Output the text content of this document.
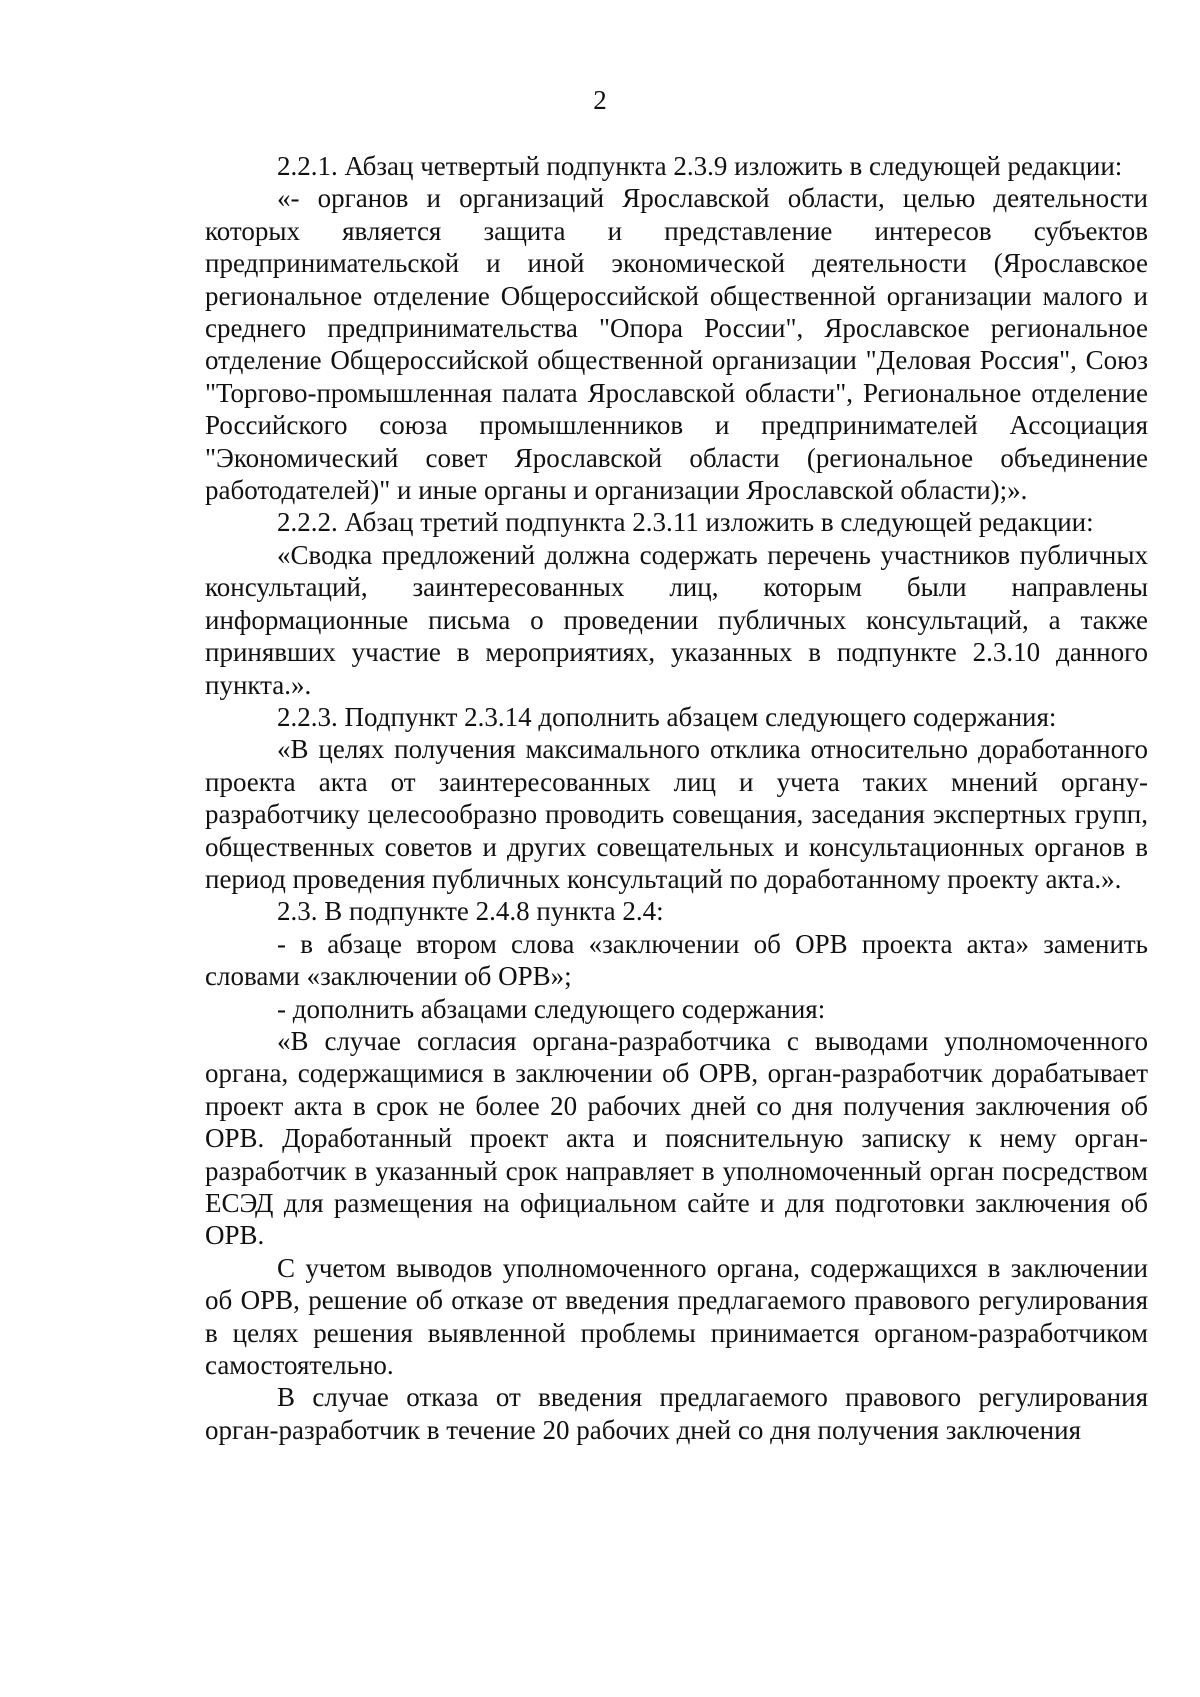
2

2.2.1. Абзац четвертый подпункта 2.3.9 изложить в следующей редакции:

«- органов и организаций Ярославской области, целью деятельности которых является защита и представление интересов субъектов предпринимательской и иной экономической деятельности (Ярославское региональное отделение Общероссийской общественной организации малого и среднего предпринимательства "Опора России", Ярославское региональное отделение Общероссийской общественной организации "Деловая Россия", Союз "Торгово-промышленная палата Ярославской области", Региональное отделение Российского союза промышленников и предпринимателей Ассоциация "Экономический совет Ярославской области (региональное объединение работодателей)" и иные органы и организации Ярославской области);».

2.2.2. Абзац третий подпункта 2.3.11 изложить в следующей редакции:

«Сводка предложений должна содержать перечень участников публичных консультаций, заинтересованных лиц, которым были направлены информационные письма о проведении публичных консультаций, а также принявших участие в мероприятиях, указанных в подпункте 2.3.10 данного пункта.».

2.2.3. Подпункт 2.3.14 дополнить абзацем следующего содержания:

«В целях получения максимального отклика относительно доработанного проекта акта от заинтересованных лиц и учета таких мнений органу-разработчику целесообразно проводить совещания, заседания экспертных групп, общественных советов и других совещательных и консультационных органов в период проведения публичных консультаций по доработанному проекту акта.».

2.3. В подпункте 2.4.8 пункта 2.4:

- в абзаце втором слова «заключении об ОРВ проекта акта» заменить словами «заключении об ОРВ»;

- дополнить абзацами следующего содержания:

«В случае согласия органа-разработчика с выводами уполномоченного органа, содержащимися в заключении об ОРВ, орган-разработчик дорабатывает проект акта в срок не более 20 рабочих дней со дня получения заключения об ОРВ. Доработанный проект акта и пояснительную записку к нему орган-разработчик в указанный срок направляет в уполномоченный орган посредством ЕСЭД для размещения на официальном сайте и для подготовки заключения об ОРВ.

С учетом выводов уполномоченного органа, содержащихся в заключении об ОРВ, решение об отказе от введения предлагаемого правового регулирования в целях решения выявленной проблемы принимается органом-разработчиком самостоятельно.

В случае отказа от введения предлагаемого правового регулирования орган-разработчик в течение 20 рабочих дней со дня получения заключения
